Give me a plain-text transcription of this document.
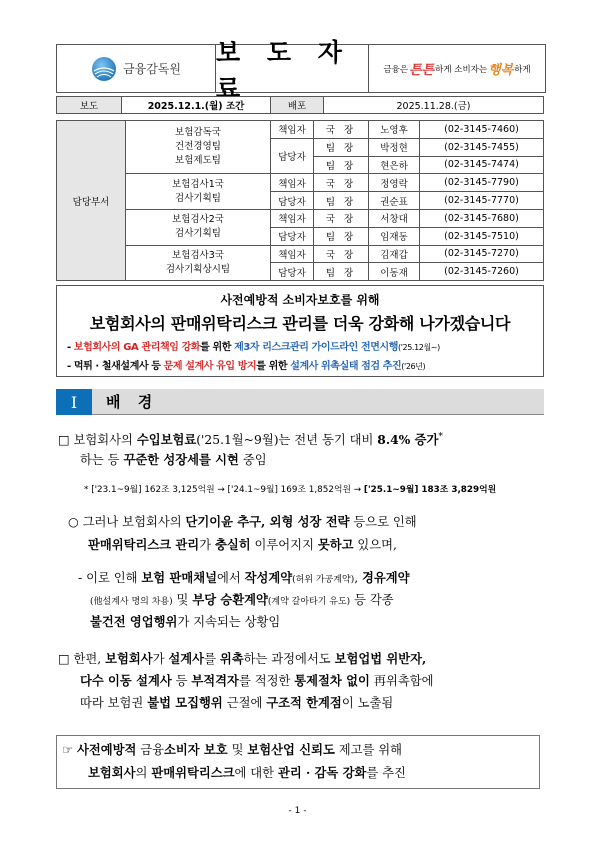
금융감독원
보 도 자 료
금융은 튼튼 하게 소비자는 행복 하게
보도	2025.12.1.(월) 조간	배포	2025.11.28.(금)
담당부서	보험감독국
건전경영팀
보험제도팀	책임자	국 장	노영후	(02-3145-7460)
		담당자	팀 장	박정현	(02-3145-7455)
			팀 장	현은하	(02-3145-7474)

	보험검사1국
검사기획팀	책임자	국 장	정영락	(02-3145-7790)
		담당자	팀 장	권순표	(02-3145-7770)

	보험검사2국
검사기획팀	책임자	국 장	서창대	(02-3145-7680)
		담당자	팀 장	임재동	(02-3145-7510)

	보험검사3국
검사기획상시팀	책임자	국 장	김재갑	(02-3145-7270)
		담당자	팀 장	이동재	(02-3145-7260)
사전예방적 소비자보호를 위해
보험회사의 판매위탁리스크 관리를 더욱 강화해 나가겠습니다
- 보험회사의 GA 관리책임 강화를 위한 제3자 리스크관리 가이드라인 전면시행('25.12월~)
- 먹튀 · 철새설계사 등 문제 설계사 유입 방지를 위한 설계사 위촉실태 점검 추진('26년)
I	배 경
□ 보험회사의 수입보험료('25.1월~9월)는 전년 동기 대비 8.4% 증가*
하는 등 꾸준한 성장세를 시현 중임
* ['23.1~9월] 162조 3,125억원 → ['24.1~9월] 169조 1,852억원 → ['25.1~9월] 183조 3,829억원
○ 그러나 보험회사의 단기이윤 추구, 외형 성장 전략 등으로 인해
판매위탁리스크 관리가 충실히 이루어지지 못하고 있으며,
- 이로 인해 보험 판매채널에서 작성계약(허위 가공계약), 경유계약
(他설계사 명의 차용) 및 부당 승환계약(계약 갈아타기 유도) 등 각종
불건전 영업행위가 지속되는 상황임
□ 한편, 보험회사가 설계사를 위촉하는 과정에서도 보험업법 위반자,
다수 이동 설계사 등 부적격자를 적정한 통제절차 없이 再위촉함에
따라 보험권 불법 모집행위 근절에 구조적 한계점이 노출됨
☞ 사전예방적 금융소비자 보호 및 보험산업 신뢰도 제고를 위해
보험회사의 판매위탁리스크에 대한 관리 · 감독 강화를 추진
- 1 -
